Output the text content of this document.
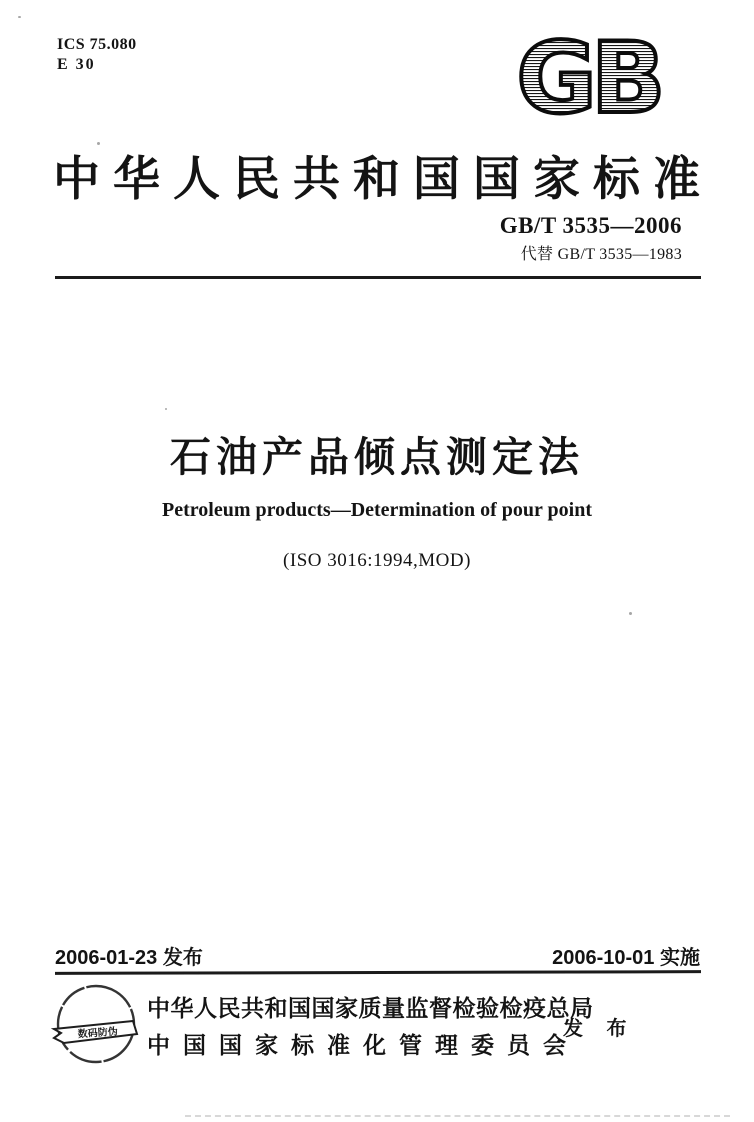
ICS 75.080
E 30	GB
中华人民共和国国家标准
GB/T 3535—2006
代替 GB/T 3535—1983
石油产品倾点测定法
Petroleum products—Determination of pour point
(ISO 3016:1994,MOD)
2006-01-23 发布	2006-10-01 实施
数码防伪
中华人民共和国国家质量监督检验检疫总局
中国国家标准化管理委员会
发 布
